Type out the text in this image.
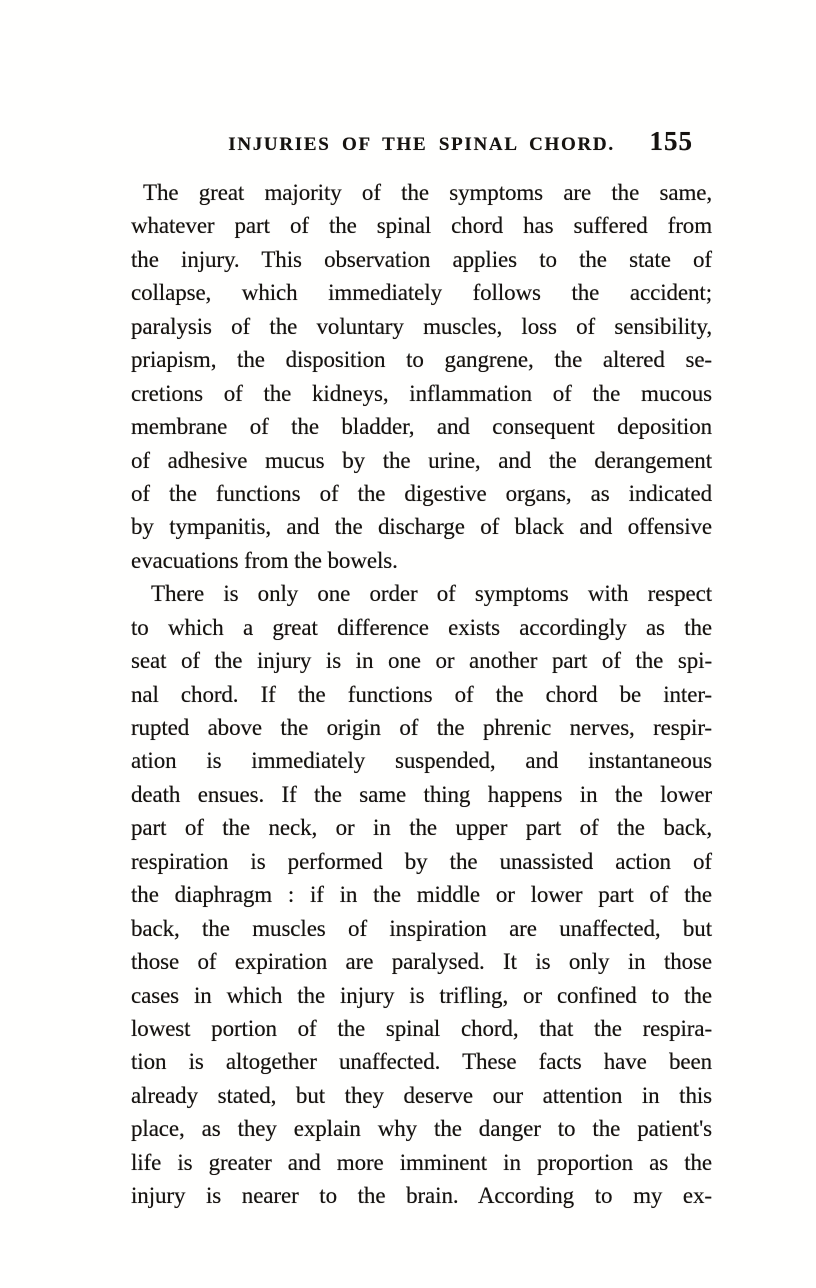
INJURIES OF THE SPINAL CHORD.	155
The great majority of the symptoms are the same,
whatever part of the spinal chord has suffered from
the injury. This observation applies to the state of
collapse, which immediately follows the accident;
paralysis of the voluntary muscles, loss of sensibility,
priapism, the disposition to gangrene, the altered se-
cretions of the kidneys, inflammation of the mucous
membrane of the bladder, and consequent deposition
of adhesive mucus by the urine, and the derangement
of the functions of the digestive organs, as indicated
by tympanitis, and the discharge of black and offensive
evacuations from the bowels.
There is only one order of symptoms with respect
to which a great difference exists accordingly as the
seat of the injury is in one or another part of the spi-
nal chord. If the functions of the chord be inter-
rupted above the origin of the phrenic nerves, respir-
ation is immediately suspended, and instantaneous
death ensues. If the same thing happens in the lower
part of the neck, or in the upper part of the back,
respiration is performed by the unassisted action of
the diaphragm : if in the middle or lower part of the
back, the muscles of inspiration are unaffected, but
those of expiration are paralysed. It is only in those
cases in which the injury is trifling, or confined to the
lowest portion of the spinal chord, that the respira-
tion is altogether unaffected. These facts have been
already stated, but they deserve our attention in this
place, as they explain why the danger to the patient's
life is greater and more imminent in proportion as the
injury is nearer to the brain. According to my ex-
